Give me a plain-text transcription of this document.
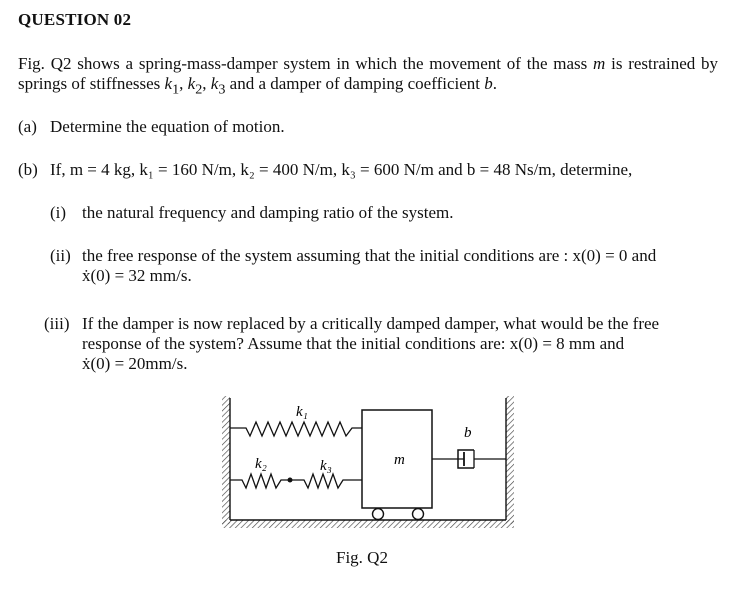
QUESTION 02
Fig. Q2 shows a spring-mass-damper system in which the movement of the mass m is restrained by springs of stiffnesses $k_1$, $k_2$, $k_3$ and a damper of damping coefficient b.
(a) Determine the equation of motion.
(b) If, m = 4 kg, k₁ = 160 N/m, k₂ = 400 N/m, k₃ = 600 N/m and b = 48 Ns/m, determine,
(i) the natural frequency and damping ratio of the system.
(ii) the free response of the system assuming that the initial conditions are : x(0) = 0 and
ẋ(0) = 32 mm/s.
(iii) If the damper is now replaced by a critically damped damper, what would be the free
response of the system? Assume that the initial conditions are: x(0) = 8 mm and
ẋ(0) = 20mm/s.
k₁
k₂	k₃	m
b
Fig. Q2
